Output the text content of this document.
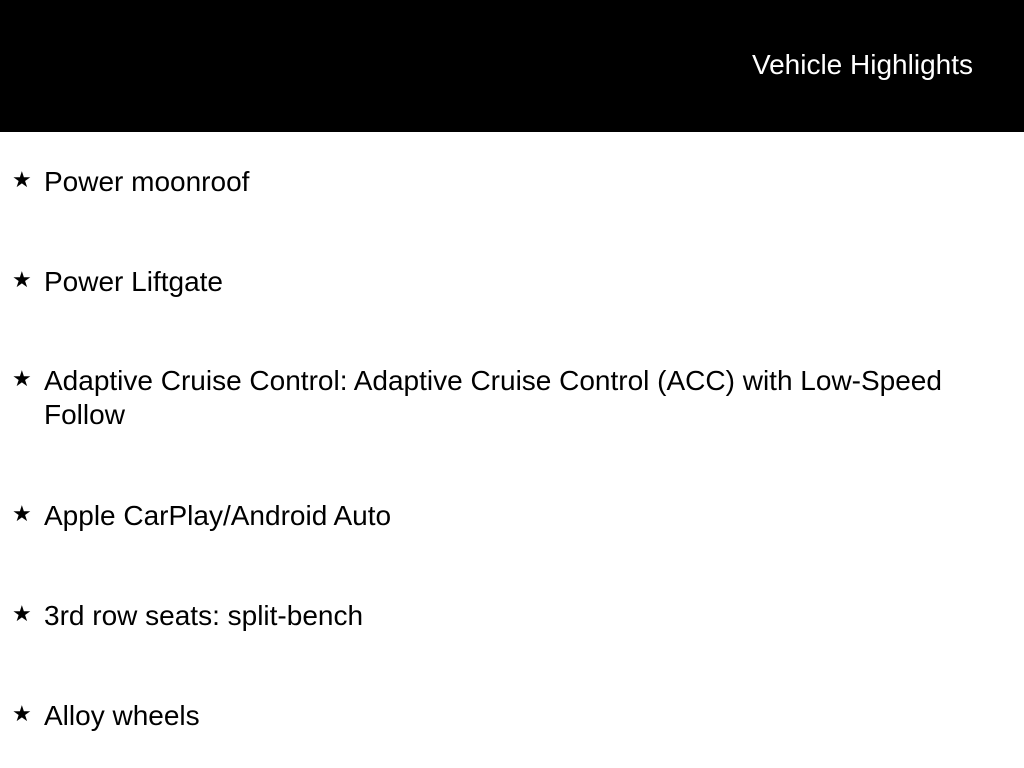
Vehicle Highlights
★ Power moonroof
★ Power Liftgate
★ Adaptive Cruise Control: Adaptive Cruise Control (ACC) with Low-Speed Follow
★ Apple CarPlay/Android Auto
★ 3rd row seats: split-bench
★ Alloy wheels
